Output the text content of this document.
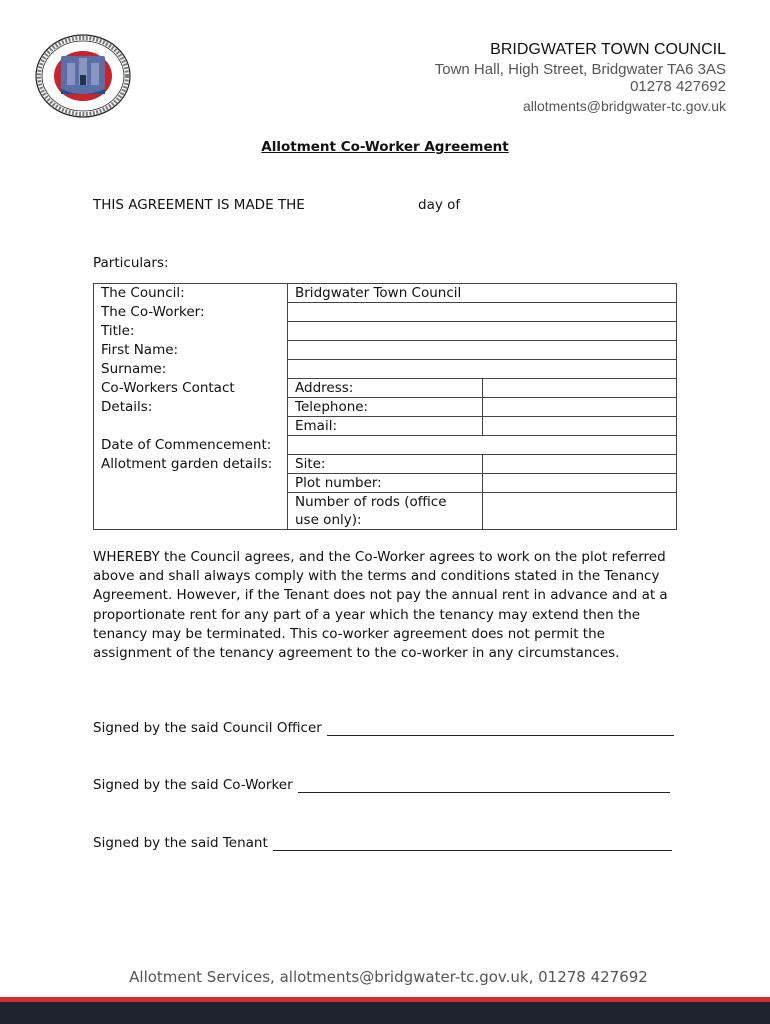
BRIDGWATER TOWN COUNCIL
Town Hall, High Street, Bridgwater TA6 3AS
01278 427692
allotments@bridgwater-tc.gov.uk
Allotment Co-Worker Agreement
THIS AGREEMENT IS MADE THE	day of
Particulars:
The Council:	Bridgwater Town Council	
The Co-Worker:		
Title:		
First Name:		
Surname:		
Co-Workers Contact	Address:	
Details:	Telephone:	
	Email:	
Date of Commencement:		
Allotment garden details:	Site:	
	Plot number:	
	Number of rods (office
use only):	
WHEREBY the Council agrees, and the Co-Worker agrees to work on the plot referred above and shall always comply with the terms and conditions stated in the Tenancy Agreement. However, if the Tenant does not pay the annual rent in advance and at a proportionate rent for any part of a year which the tenancy may extend then the tenancy may be terminated. This co-worker agreement does not permit the assignment of the tenancy agreement to the co-worker in any circumstances.
Signed by the said Council Officer
Signed by the said Co-Worker
Signed by the said Tenant
Allotment Services, allotments@bridgwater-tc.gov.uk, 01278 427692
